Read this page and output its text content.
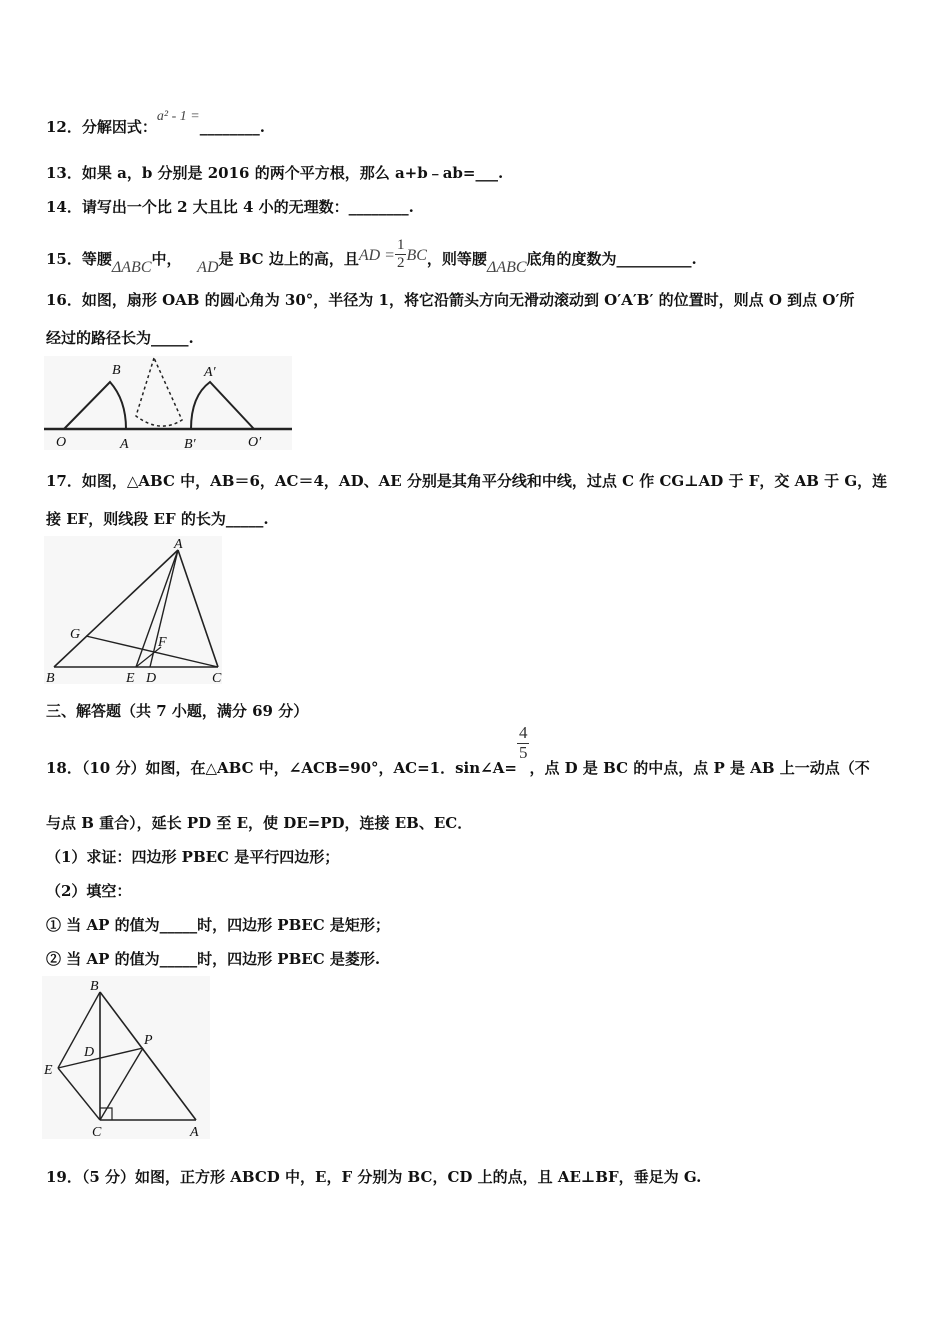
12．分解因式：a² - 1 =________.
13．如果 a，b 分别是 2016 的两个平方根，那么 a+b﹣ab=___.
14．请写出一个比 2 大且比 4 小的无理数：________.
15．等腰ΔABC中， AD是 BC 边上的高，且AD = $\frac{1}{2}$ BC，则等腰ΔABC底角的度数为__________.
16．如图，扇形 OAB 的圆心角为 30°，半径为 1，将它沿箭头方向无滑动滚动到 O′A′B′ 的位置时，则点 O 到点 O′所
经过的路径长为_____.
O	A
B
B′
A′
O′
17．如图，△ABC 中，AB＝6，AC＝4，AD、AE 分别是其角平分线和中线，过点 C 作 CG⊥AD 于 F，交 AB 于 G，连
接 EF，则线段 EF 的长为_____.
A
B	C
E D
F
G
三、解答题（共 7 小题，满分 69 分）
18．（10 分）如图，在△ABC 中，∠ACB=90°，AC=1．sin∠A=
$\frac{4}{5}$
，点 D 是 BC 的中点，点 P 是 AB 上一动点（不
与点 B 重合），延长 PD 至 E，使 DE=PD，连接 EB、EC．
（1）求证：四边形 PBEC 是平行四边形；
（2）填空：
① 当 AP 的值为_____时，四边形 PBEC 是矩形；
② 当 AP 的值为_____时，四边形 PBEC 是菱形.
B
D
P
E
C	A
19．（5 分）如图，正方形 ABCD 中，E，F 分别为 BC，CD 上的点，且 AE⊥BF，垂足为 G.
